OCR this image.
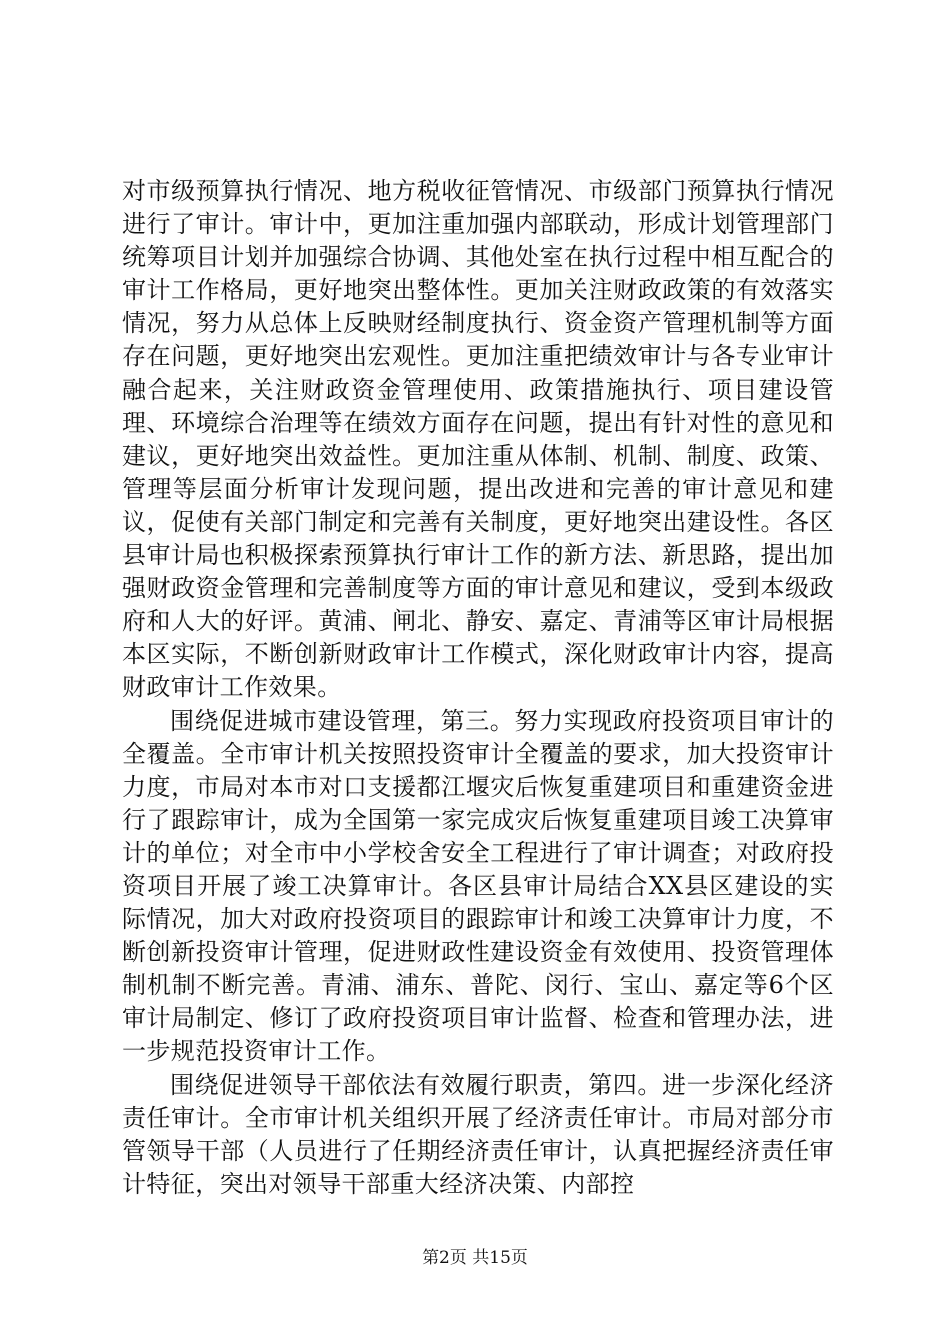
对市级预算执行情况、地方税收征管情况、市级部门预算执行情况进行了审计。审计中，更加注重加强内部联动，形成计划管理部门统筹项目计划并加强综合协调、其他处室在执行过程中相互配合的审计工作格局，更好地突出整体性。更加关注财政政策的有效落实情况，努力从总体上反映财经制度执行、资金资产管理机制等方面存在问题，更好地突出宏观性。更加注重把绩效审计与各专业审计融合起来，关注财政资金管理使用、政策措施执行、项目建设管理、环境综合治理等在绩效方面存在问题，提出有针对性的意见和建议，更好地突出效益性。更加注重从体制、机制、制度、政策、管理等层面分析审计发现问题，提出改进和完善的审计意见和建议，促使有关部门制定和完善有关制度，更好地突出建设性。各区县审计局也积极探索预算执行审计工作的新方法、新思路，提出加强财政资金管理和完善制度等方面的审计意见和建议，受到本级政府和人大的好评。黄浦、闸北、静安、嘉定、青浦等区审计局根据本区实际，不断创新财政审计工作模式，深化财政审计内容，提高财政审计工作效果。

围绕促进城市建设管理，第三。努力实现政府投资项目审计的全覆盖。全市审计机关按照投资审计全覆盖的要求，加大投资审计力度，市局对本市对口支援都江堰灾后恢复重建项目和重建资金进行了跟踪审计，成为全国第一家完成灾后恢复重建项目竣工决算审计的单位；对全市中小学校舍安全工程进行了审计调查；对政府投资项目开展了竣工决算审计。各区县审计局结合XX县区建设的实际情况，加大对政府投资项目的跟踪审计和竣工决算审计力度，不断创新投资审计管理，促进财政性建设资金有效使用、投资管理体制机制不断完善。青浦、浦东、普陀、闵行、宝山、嘉定等6个区审计局制定、修订了政府投资项目审计监督、检查和管理办法，进一步规范投资审计工作。

围绕促进领导干部依法有效履行职责，第四。进一步深化经济责任审计。全市审计机关组织开展了经济责任审计。市局对部分市管领导干部（人员进行了任期经济责任审计，认真把握经济责任审计特征，突出对领导干部重大经济决策、内部控

第2页 共15页
